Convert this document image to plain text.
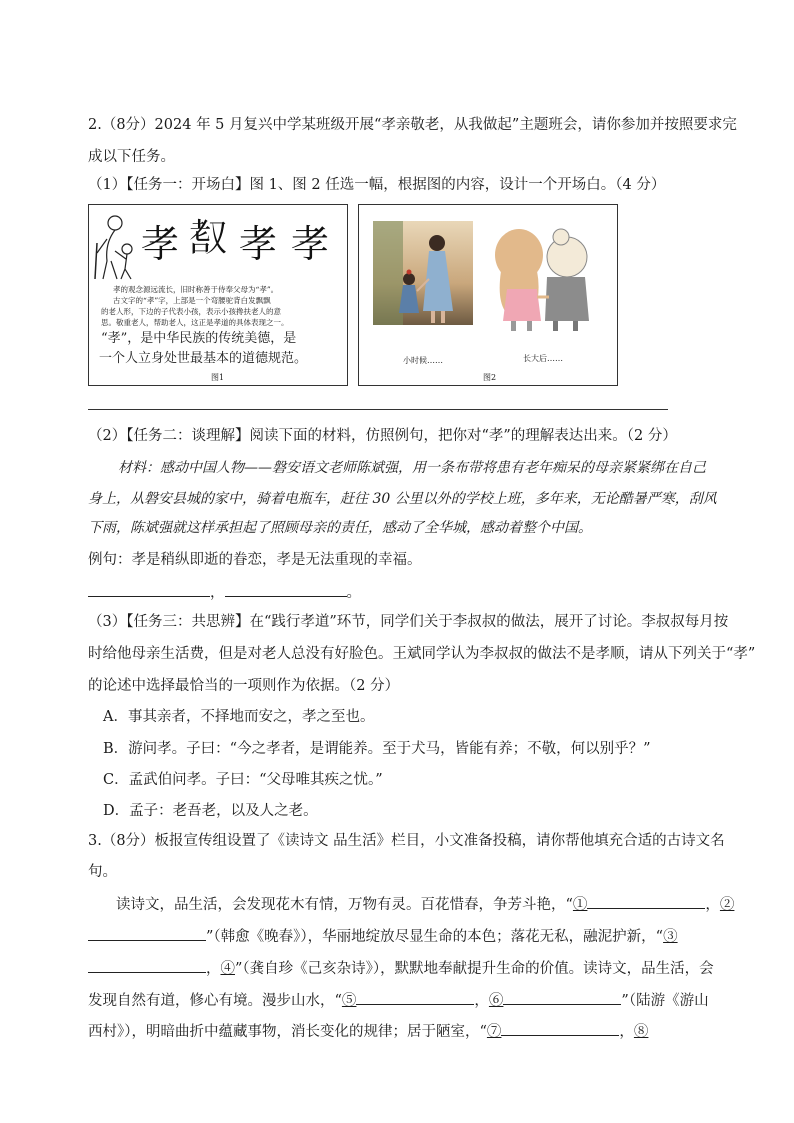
2.（8分）2024 年 5 月复兴中学某班级开展“孝亲敬老，从我做起”主题班会，请你参加并按照要求完
成以下任务。
（1）【任务一：开场白】图 1、图 2 任选一幅，根据图的内容，设计一个开场白。（4 分）
孝 𦒺 孝 孝
孝的观念源远流长，旧时称善于侍奉父母为“孝”。
古文字的“孝”字，上部是一个弯腰驼背白发飘飘
的老人形，下边的子代表小孩，表示小孩搀扶老人的意
思。敬重老人，帮助老人，这正是孝道的具体表现之一。
“孝”，是中华民族的传统美德，是
一个人立身处世最基本的道德规范。
图1
小时候……	长大后……
图2
（2）【任务二：谈理解】阅读下面的材料，仿照例句，把你对“孝”的理解表达出来。（2 分）
材料：感动中国人物——磐安语文老师陈斌强，用一条布带将患有老年痴呆的母亲紧紧绑在自己
身上，从磐安县城的家中，骑着电瓶车，赶往 30 公里以外的学校上班，多年来，无论酷暑严寒，刮风
下雨，陈斌强就这样承担起了照顾母亲的责任，感动了全华城，感动着整个中国。
例句：孝是稍纵即逝的眷恋，孝是无法重现的幸福。
，	。
（3）【任务三：共思辨】在“践行孝道”环节，同学们关于李叔叔的做法，展开了讨论。李叔叔每月按
时给他母亲生活费，但是对老人总没有好脸色。王斌同学认为李叔叔的做法不是孝顺，请从下列关于“孝”
的论述中选择最恰当的一项则作为依据。（2 分）
A．事其亲者，不择地而安之，孝之至也。
B．游问孝。子曰：“今之孝者，是谓能养。至于犬马，皆能有养；不敬，何以别乎？”
C．孟武伯问孝。子曰：“父母唯其疾之忧。”
D．孟子：老吾老，以及人之老。
3.（8分）板报宣传组设置了《读诗文 品生活》栏目，小文准备投稿，请你帮他填充合适的古诗文名
句。
读诗文，品生活，会发现花木有情，万物有灵。百花惜春，争芳斗艳，“①	，②
”（韩愈《晚春》），华丽地绽放尽显生命的本色；落花无私，融泥护新，“③
，④”（龚自珍《己亥杂诗》），默默地奉献提升生命的价值。读诗文，品生活，会
发现自然有道，修心有境。漫步山水，“⑤	，⑥	”（陆游《游山
西村》），明暗曲折中蕴藏事物，消长变化的规律；居于陋室，“⑦	，⑧
